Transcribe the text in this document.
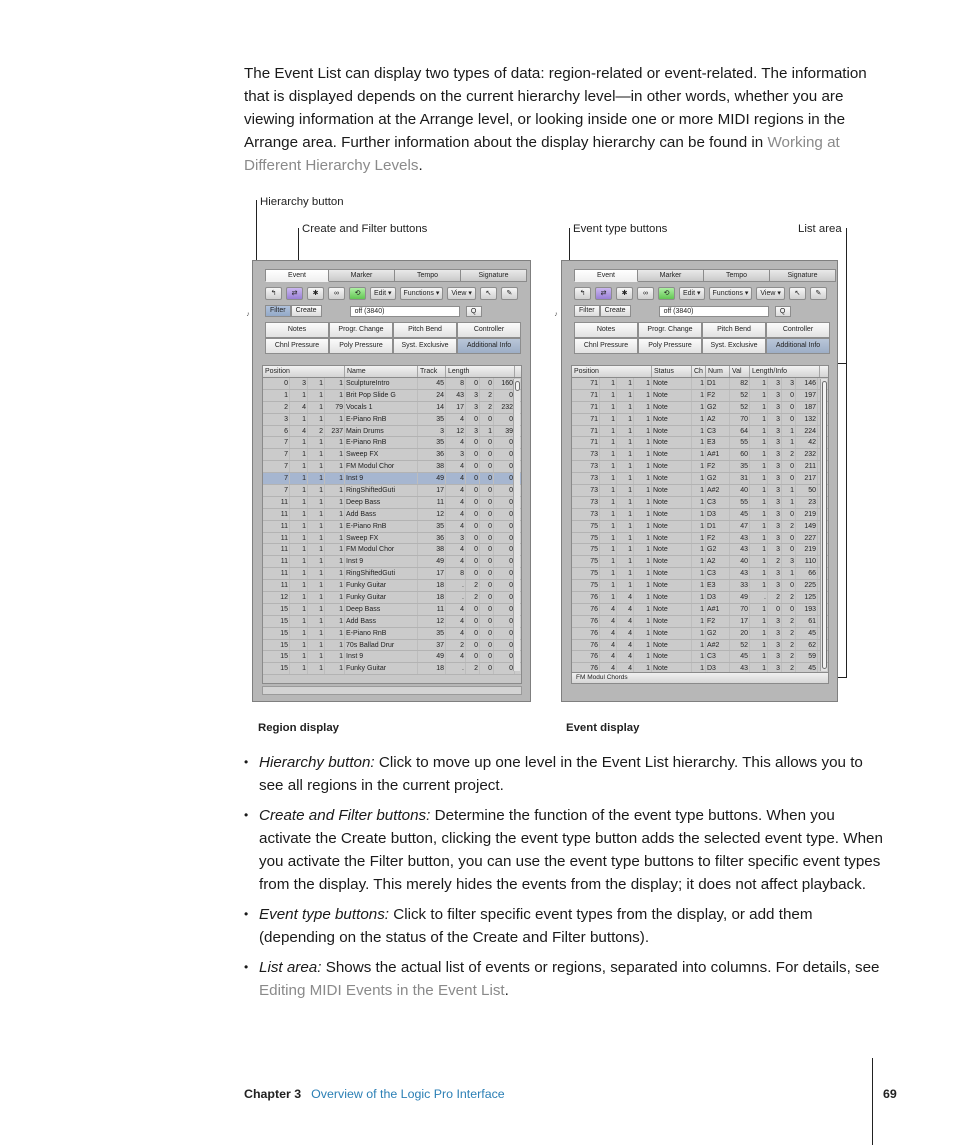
The Event List can display two types of data: region-related or event-related. The information that is displayed depends on the current hierarchy level—in other words, whether you are viewing information at the Arrange level, or looking inside one or more MIDI regions in the Arrange area. Further information about the display hierarchy can be found in Working at Different Hierarchy Levels.

Hierarchy button
Create and Filter buttons	Event type buttons	List area
♪
Event	Marker	Tempo	Signature
↰	⇄	✱	∞	⟲	Edit ▾	Functions ▾	View ▾	↖	✎
Filter	Create	off (3840)	Q
Notes	Progr. Change	Pitch Bend	Controller
Chnl Pressure	Poly Pressure	Syst. Exclusive	Additional Info
Position	Name	Track	Length
0	3	1	1 SculptureIntro	45	8	0	0	160
1	1	1	1 Brit Pop Slide G	24	43	3	2	0
2	4	1	79 Vocals 1	14	17	3	2	232
3	1	1	1 E-Piano RnB	35	4	0	0	0
6	4	2	237 Main Drums	3	12	3	1	39
7	1	1	1 E-Piano RnB	35	4	0	0	0
7	1	1	1 Sweep FX	36	3	0	0	0
7	1	1	1 FM Modul Chor	38	4	0	0	0
7	1	1	1 Inst 9	49	4	0	0	0
7	1	1	1 RingShiftedGuti	17	4	0	0	0
11	1	1	1 Deep Bass	11	4	0	0	0
11	1	1	1 Add Bass	12	4	0	0	0
11	1	1	1 E-Piano RnB	35	4	0	0	0
11	1	1	1 Sweep FX	36	3	0	0	0
11	1	1	1 FM Modul Chor	38	4	0	0	0
11	1	1	1 Inst 9	49	4	0	0	0
11	1	1	1 RingShiftedGuti	17	8	0	0	0
11	1	1	1 Funky Guitar	18	.	2	0	0
12	1	1	1 Funky Guitar	18	.	2	0	0
15	1	1	1 Deep Bass	11	4	0	0	0
15	1	1	1 Add Bass	12	4	0	0	0
15	1	1	1 E-Piano RnB	35	4	0	0	0
15	1	1	1 70s Ballad Drur	37	2	0	0	0
15	1	1	1 Inst 9	49	4	0	0	0
15	1	1	1 Funky Guitar	18	.	2	0	0
♪
Event	Marker	Tempo	Signature
↰	⇄	✱	∞	⟲	Edit ▾	Functions ▾	View ▾	↖	✎
Filter	Create	off (3840)	Q
Notes	Progr. Change	Pitch Bend	Controller
Chnl Pressure	Poly Pressure	Syst. Exclusive	Additional Info
Position	Status	Ch Num	Val	Length/Info
71	1	1	1 Note	1 D1	82	1	3	3	146
71	1	1	1 Note	1 F2	52	1	3	0	197
71	1	1	1 Note	1 G2	52	1	3	0	187
71	1	1	1 Note	1 A2	70	1	3	0	132
71	1	1	1 Note	1 C3	64	1	3	1	224
71	1	1	1 Note	1 E3	55	1	3	1	42
73	1	1	1 Note	1 A#1	60	1	3	2	232
73	1	1	1 Note	1 F2	35	1	3	0	211
73	1	1	1 Note	1 G2	31	1	3	0	217
73	1	1	1 Note	1 A#2	40	1	3	1	50
73	1	1	1 Note	1 C3	55	1	3	1	23
73	1	1	1 Note	1 D3	45	1	3	0	219
75	1	1	1 Note	1 D1	47	1	3	2	149
75	1	1	1 Note	1 F2	43	1	3	0	227
75	1	1	1 Note	1 G2	43	1	3	0	219
75	1	1	1 Note	1 A2	40	1	2	3	110
75	1	1	1 Note	1 C3	43	1	3	1	66
75	1	1	1 Note	1 E3	33	1	3	0	225
76	1	4	1 Note	1 D3	49	.	2	2	125
76	4	4	1 Note	1 A#1	70	1	0	0	193
76	4	4	1 Note	1 F2	17	1	3	2	61
76	4	4	1 Note	1 G2	20	1	3	2	45
76	4	4	1 Note	1 A#2	52	1	3	2	62
76	4	4	1 Note	1 C3	45	1	3	2	59
76	4	4	1 Note	1 D3	43	1	3	2	45
FM Modul Chords
Region display	Event display
• Hierarchy button: Click to move up one level in the Event List hierarchy. This allows you to see all regions in the current project.
• Create and Filter buttons: Determine the function of the event type buttons. When you activate the Create button, clicking the event type button adds the selected event type. When you activate the Filter button, you can use the event type buttons to filter specific event types from the display. This merely hides the events from the display; it does not affect playback.
• Event type buttons: Click to filter specific event types from the display, or add them (depending on the status of the Create and Filter buttons).
• List area: Shows the actual list of events or regions, separated into columns. For details, see Editing MIDI Events in the Event List.
Chapter 3 Overview of the Logic Pro Interface	69
